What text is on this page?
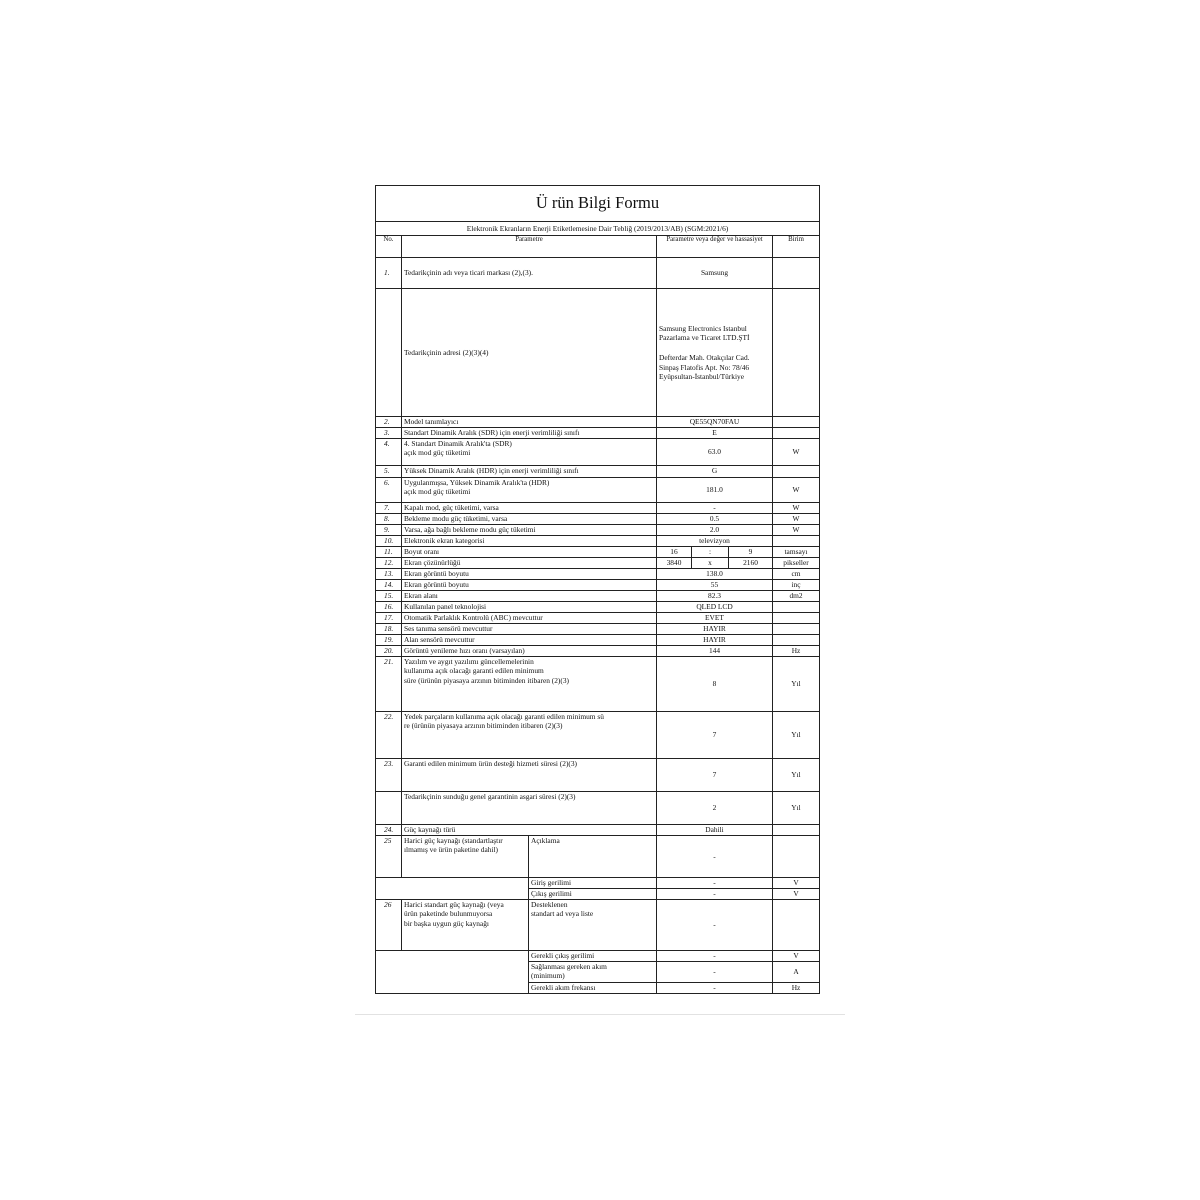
Ü rün Bilgi Formu						
Elektronik Ekranların Enerji Etiketlemesine Dair Tebliğ (2019/2013/AB) (SGM:2021/6)						
No.	Parametre		Parametre veya değer ve hassasiyet			Birim
1.	Tedarikçinin adı veya ticari markası (2),(3).		Samsung			
	Tedarikçinin adresi (2)(3)(4)		Samsung Electronics Istanbul
Pazarlama ve Ticaret LTD.ŞTİ
Defterdar Mah. Otakçılar Cad.
Sinpaş Flatofis Apt. No: 78/46
Eyüpsultan-İstanbul/Türkiye			

2.	Model tanımlayıcı		QE55QN70FAU			
3.	Standart Dinamik Aralık (SDR) için enerji verimliliği sınıfı		E			
4.	4. Standart Dinamik Aralık'ta (SDR)
açık mod güç tüketimi		63.0			W
5.	Yüksek Dinamik Aralık (HDR) için enerji verimliliği sınıfı		G			
6.	Uygulanmışsa, Yüksek Dinamik Aralık'ta (HDR)
açık mod güç tüketimi		181.0			W
7.	Kapalı mod, güç tüketimi, varsa		-			W
8.	Bekleme modu güç tüketimi, varsa		0.5			W
9.	Varsa, ağa bağlı bekleme modu güç tüketimi		2.0			W
10.	Elektronik ekran kategorisi		televizyon			
11.	Boyut oranı		16	:	9	tamsayı
12.	Ekran çözünürlüğü		3840	x	2160	pikseller
13.	Ekran görüntü boyutu		138.0			cm
14.	Ekran görüntü boyutu		55			inç
15.	Ekran alanı		82.3			dm2
16.	Kullanılan panel teknolojisi		QLED LCD			
17.	Otomatik Parlaklık Kontrolü (ABC) mevcuttur		EVET			
18.	Ses tanıma sensörü mevcuttur		HAYIR			
19.	Alan sensörü mevcuttur		HAYIR			
20.	Görüntü yenileme hızı oranı (varsayılan)		144			Hz
21.	Yazılım ve aygıt yazılımı güncellemelerinin
kullanıma açık olacağı garanti edilen minimum
süre (ürünün piyasaya arzının bitiminden itibaren (2)(3)		8			Yıl
22.	Yedek parçaların kullanıma açık olacağı garanti edilen minimum sü
re (ürünün piyasaya arzının bitiminden itibaren (2)(3)		7			Yıl
23.	Garanti edilen minimum ürün desteği hizmeti süresi (2)(3)		7			Yıl
	Tedarikçinin sunduğu genel garantinin asgari süresi (2)(3)		2			Yıl
24.	Güç kaynağı türü		Dahili			
25	Harici güç kaynağı (standartlaştır
ılmamış ve ürün paketine dahil)	Açıklama	-			
		Giriş gerilimi	-			V
		Çıkış gerilimi	-			V
26	Harici standart güç kaynağı (veya
ürün paketinde bulunmuyorsa
bir başka uygun güç kaynağı	Desteklenen
standart ad veya liste	-			
		Gerekli çıkış gerilimi	-			V
		Sağlanması gereken akım
(minimum)	-			A
		Gerekli akım frekansı	-			Hz
